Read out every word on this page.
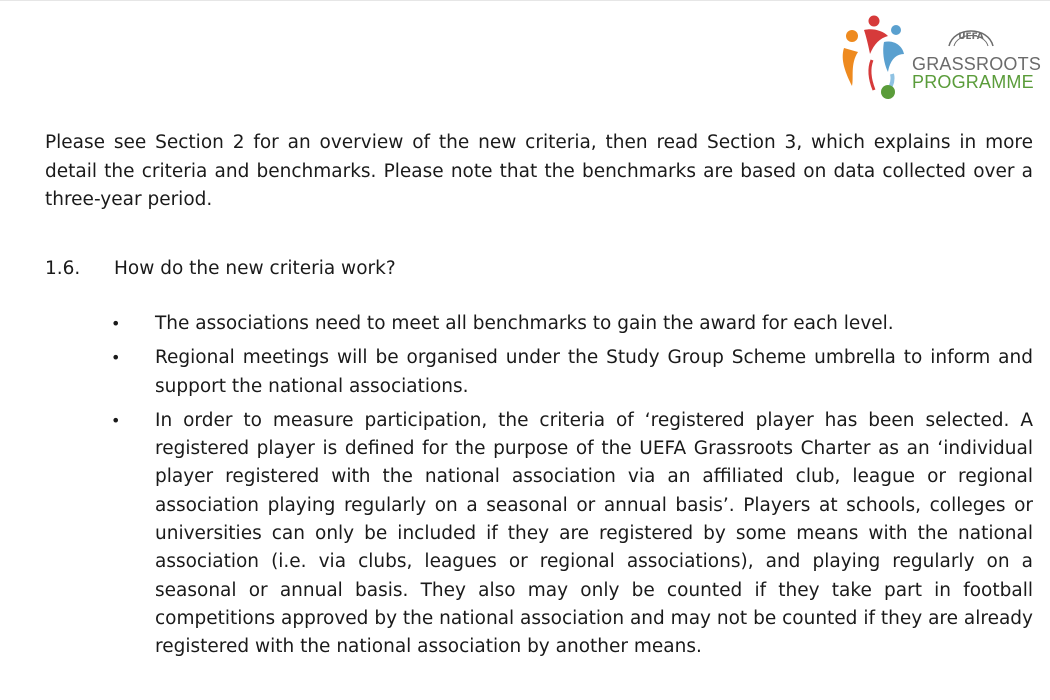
UEFA
GRASSROOTS
PROGRAMME

Please see Section 2 for an overview of the new criteria, then read Section 3, which explains in more detail the criteria and benchmarks. Please note that the benchmarks are based on data collected over a three-year period.

1.6. How do the new criteria work?

• The associations need to meet all benchmarks to gain the award for each level.
• Regional meetings will be organised under the Study Group Scheme umbrella to inform and support the national associations.
• In order to measure participation, the criteria of ‘registered player has been selected. A registered player is defined for the purpose of the UEFA Grassroots Charter as an ‘individual player registered with the national association via an affiliated club, league or regional association playing regularly on a seasonal or annual basis’. Players at schools, colleges or universities can only be included if they are registered by some means with the national association (i.e. via clubs, leagues or regional associations), and playing regularly on a seasonal or annual basis. They also may only be counted if they take part in football competitions approved by the national association and may not be counted if they are already registered with the national association by another means.
